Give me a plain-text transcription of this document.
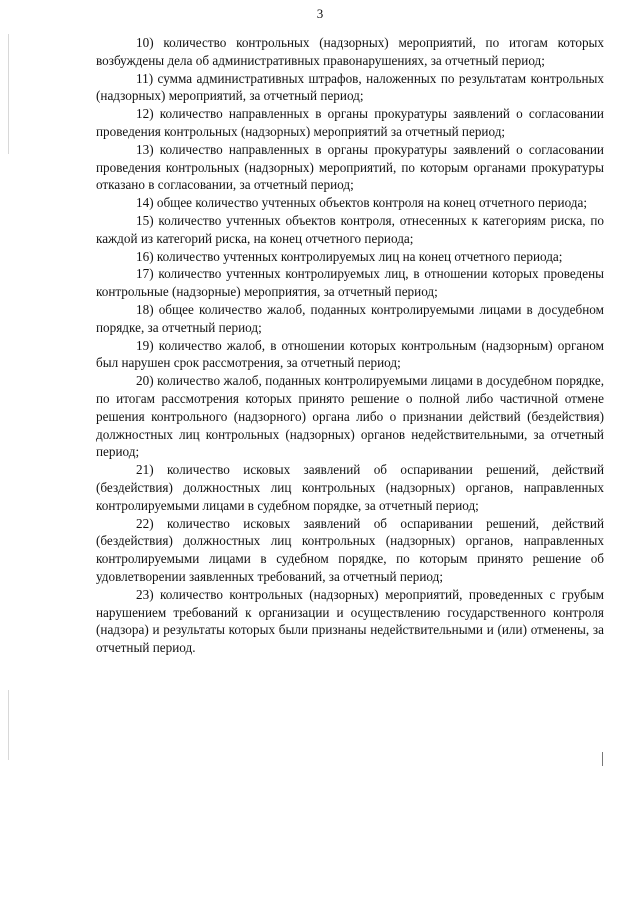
3

10) количество контрольных (надзорных) мероприятий, по итогам которых возбуждены дела об административных правонарушениях, за отчетный период;

11) сумма административных штрафов, наложенных по результатам контрольных (надзорных) мероприятий, за отчетный период;

12) количество направленных в органы прокуратуры заявлений о согласовании проведения контрольных (надзорных) мероприятий за отчетный период;

13) количество направленных в органы прокуратуры заявлений о согласовании проведения контрольных (надзорных) мероприятий, по которым органами прокуратуры отказано в согласовании, за отчетный период;

14) общее количество учтенных объектов контроля на конец отчетного периода;

15) количество учтенных объектов контроля, отнесенных к категориям риска, по каждой из категорий риска, на конец отчетного периода;

16) количество учтенных контролируемых лиц на конец отчетного периода;

17) количество учтенных контролируемых лиц, в отношении которых проведены контрольные (надзорные) мероприятия, за отчетный период;

18) общее количество жалоб, поданных контролируемыми лицами в досудебном порядке, за отчетный период;

19) количество жалоб, в отношении которых контрольным (надзорным) органом был нарушен срок рассмотрения, за отчетный период;

20) количество жалоб, поданных контролируемыми лицами в досудебном порядке, по итогам рассмотрения которых принято решение о полной либо частичной отмене решения контрольного (надзорного) органа либо о признании действий (бездействия) должностных лиц контрольных (надзорных) органов недействительными, за отчетный период;

21) количество исковых заявлений об оспаривании решений, действий (бездействия) должностных лиц контрольных (надзорных) органов, направленных контролируемыми лицами в судебном порядке, за отчетный период;

22) количество исковых заявлений об оспаривании решений, действий (бездействия) должностных лиц контрольных (надзорных) органов, направленных контролируемыми лицами в судебном порядке, по которым принято решение об удовлетворении заявленных требований, за отчетный период;

23) количество контрольных (надзорных) мероприятий, проведенных с грубым нарушением требований к организации и осуществлению государственного контроля (надзора) и результаты которых были признаны недействительными и (или) отменены, за отчетный период.
